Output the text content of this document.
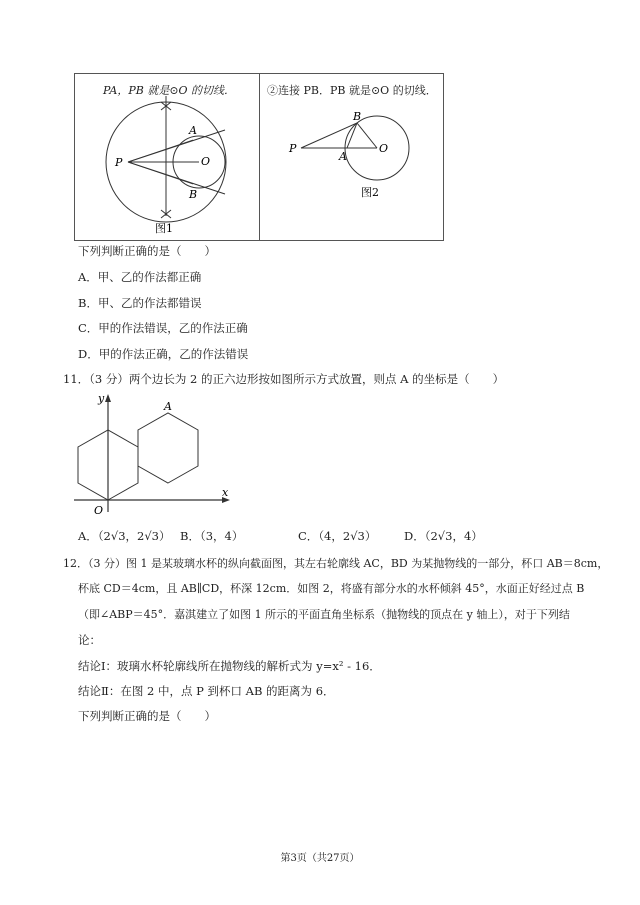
PA，PB 就是⊙O 的切线．	②连接 PB．PB 就是⊙O 的切线．
P
A
O
B
图1
P
A
O
B
图2
下列判断正确的是（　　）
A．甲、乙的作法都正确
B．甲、乙的作法都错误
C．甲的作法错误，乙的作法正确
D．甲的作法正确，乙的作法错误
11．（3 分）两个边长为 2 的正六边形按如图所示方式放置，则点 A 的坐标是（　　）
y
x
O
A
A．（2√3，2√3） B．（3，4）	C．（4，2√3） D．（2√3，4）
12．（3 分）图 1 是某玻璃水杯的纵向截面图，其左右轮廓线 AC，BD 为某抛物线的一部分，杯口 AB＝8cm，
杯底 CD＝4cm，且 AB∥CD，杯深 12cm．如图 2，将盛有部分水的水杯倾斜 45°，水面正好经过点 B
（即∠ABP＝45°．嘉淇建立了如图 1 所示的平面直角坐标系（抛物线的顶点在 y 轴上），对于下列结
论：
结论Ⅰ：玻璃水杯轮廓线所在抛物线的解析式为 y=x² - 16．
结论Ⅱ：在图 2 中，点 P 到杯口 AB 的距离为 6．
下列判断正确的是（　　）
第3页（共27页）
